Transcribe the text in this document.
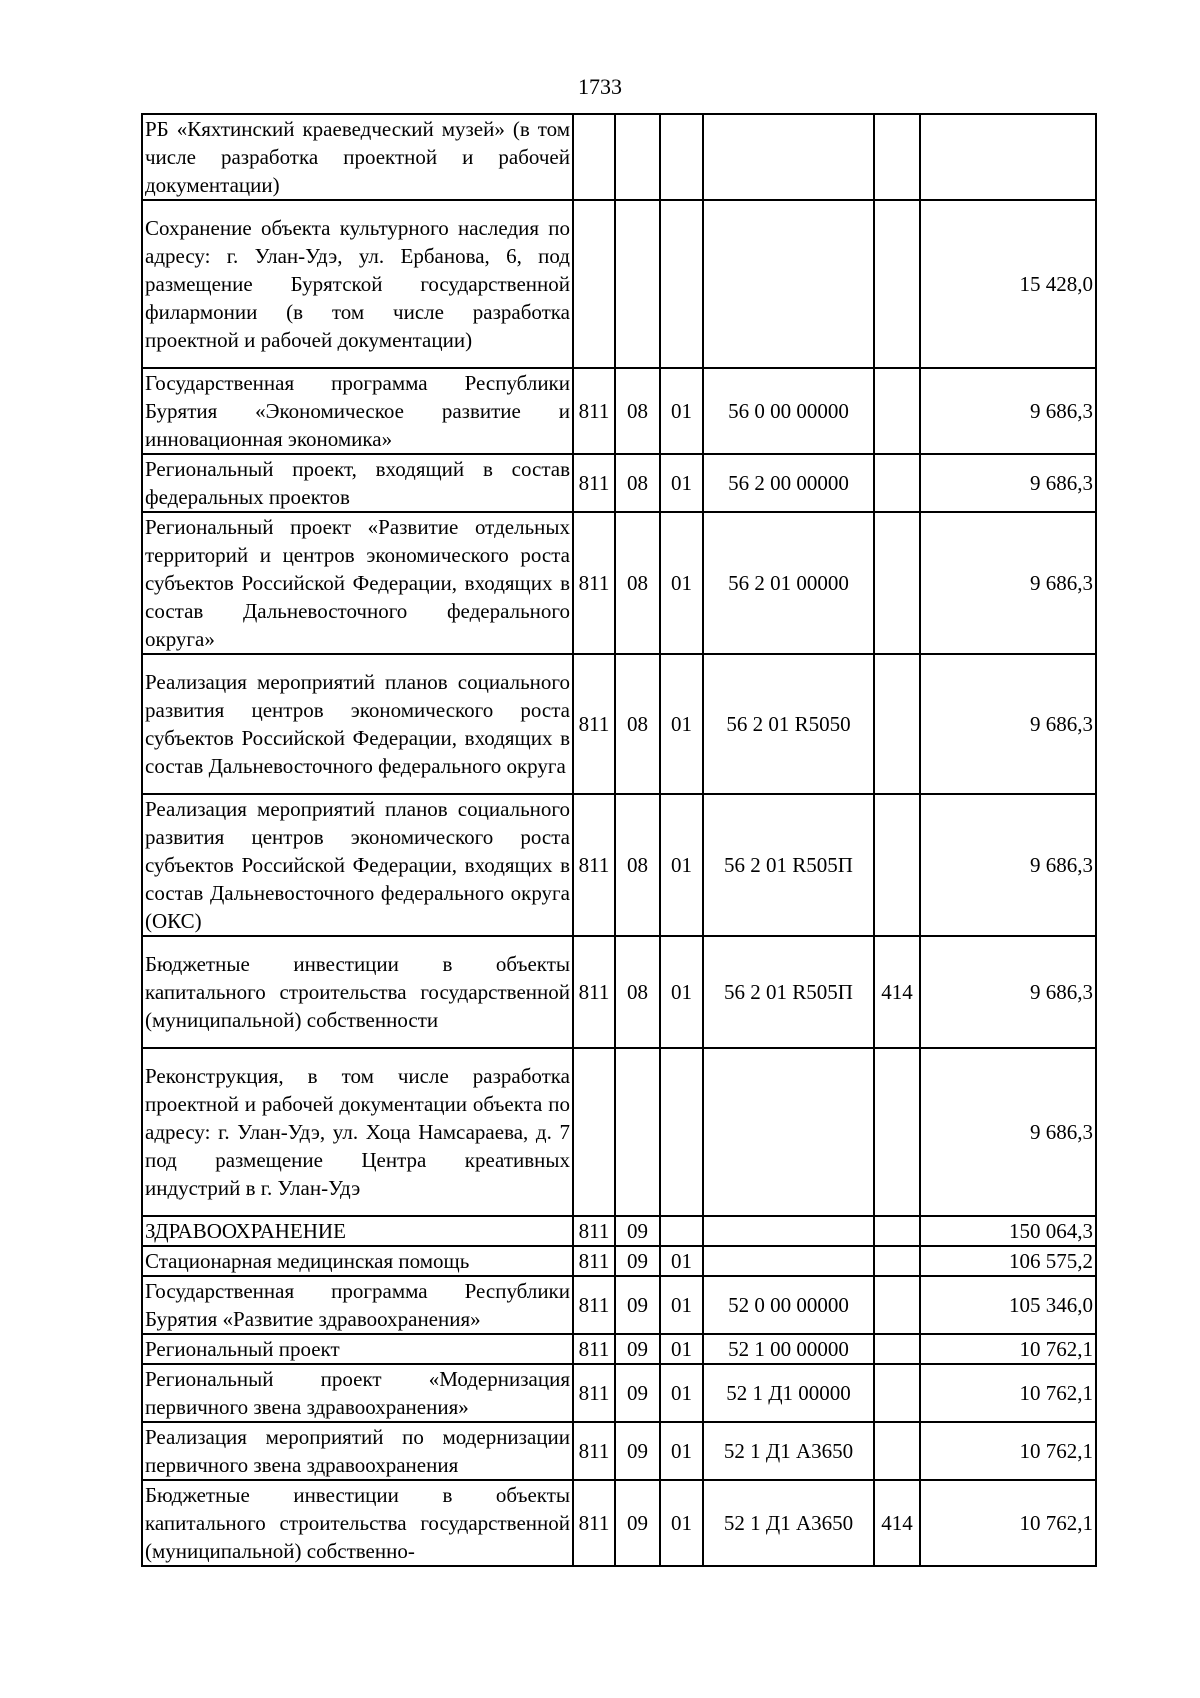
1733
РБ «Кяхтинский краеведческий музей» (в том числе разработка проектной и рабочей документации)						
Сохранение объекта культурного наследия по адресу: г. Улан-Удэ, ул. Ербанова, 6, под размещение Бурятской государственной филармонии (в том числе разработка проектной и рабочей документации)						15 428,0
Государственная программа Республики Бурятия «Экономическое развитие и инновационная экономика»	811	08	01	56 0 00 00000		9 686,3
Региональный проект, входящий в состав федеральных проектов	811	08	01	56 2 00 00000		9 686,3
Региональный проект «Развитие отдельных территорий и центров экономического роста субъектов Российской Федерации, входящих в состав Дальневосточного федерального округа»	811	08	01	56 2 01 00000		9 686,3
Реализация мероприятий планов социального развития центров экономического роста субъектов Российской Федерации, входящих в состав Дальневосточного федерального округа	811	08	01	56 2 01 R5050		9 686,3
Реализация мероприятий планов социального развития центров экономического роста субъектов Российской Федерации, входящих в состав Дальневосточного федерального округа (ОКС)	811	08	01	56 2 01 R505П		9 686,3
Бюджетные инвестиции в объекты капитального строительства государственной (муниципальной) собственности	811	08	01	56 2 01 R505П	414	9 686,3
Реконструкция, в том числе разработка проектной и рабочей документации объекта по адресу: г. Улан-Удэ, ул. Хоца Намсараева, д. 7 под размещение Центра креативных индустрий в г. Улан-Удэ						9 686,3
ЗДРАВООХРАНЕНИЕ	811	09				150 064,3
Стационарная медицинская помощь	811	09	01			106 575,2
Государственная программа Республики Бурятия «Развитие здравоохранения»	811	09	01	52 0 00 00000		105 346,0
Региональный проект	811	09	01	52 1 00 00000		10 762,1
Региональный проект «Модернизация первичного звена здравоохранения»	811	09	01	52 1 Д1 00000		10 762,1
Реализация мероприятий по модернизации первичного звена здравоохранения	811	09	01	52 1 Д1 А3650		10 762,1
Бюджетные инвестиции в объекты капитального строительства государственной (муниципальной) собственно-	811	09	01	52 1 Д1 А3650	414	10 762,1
